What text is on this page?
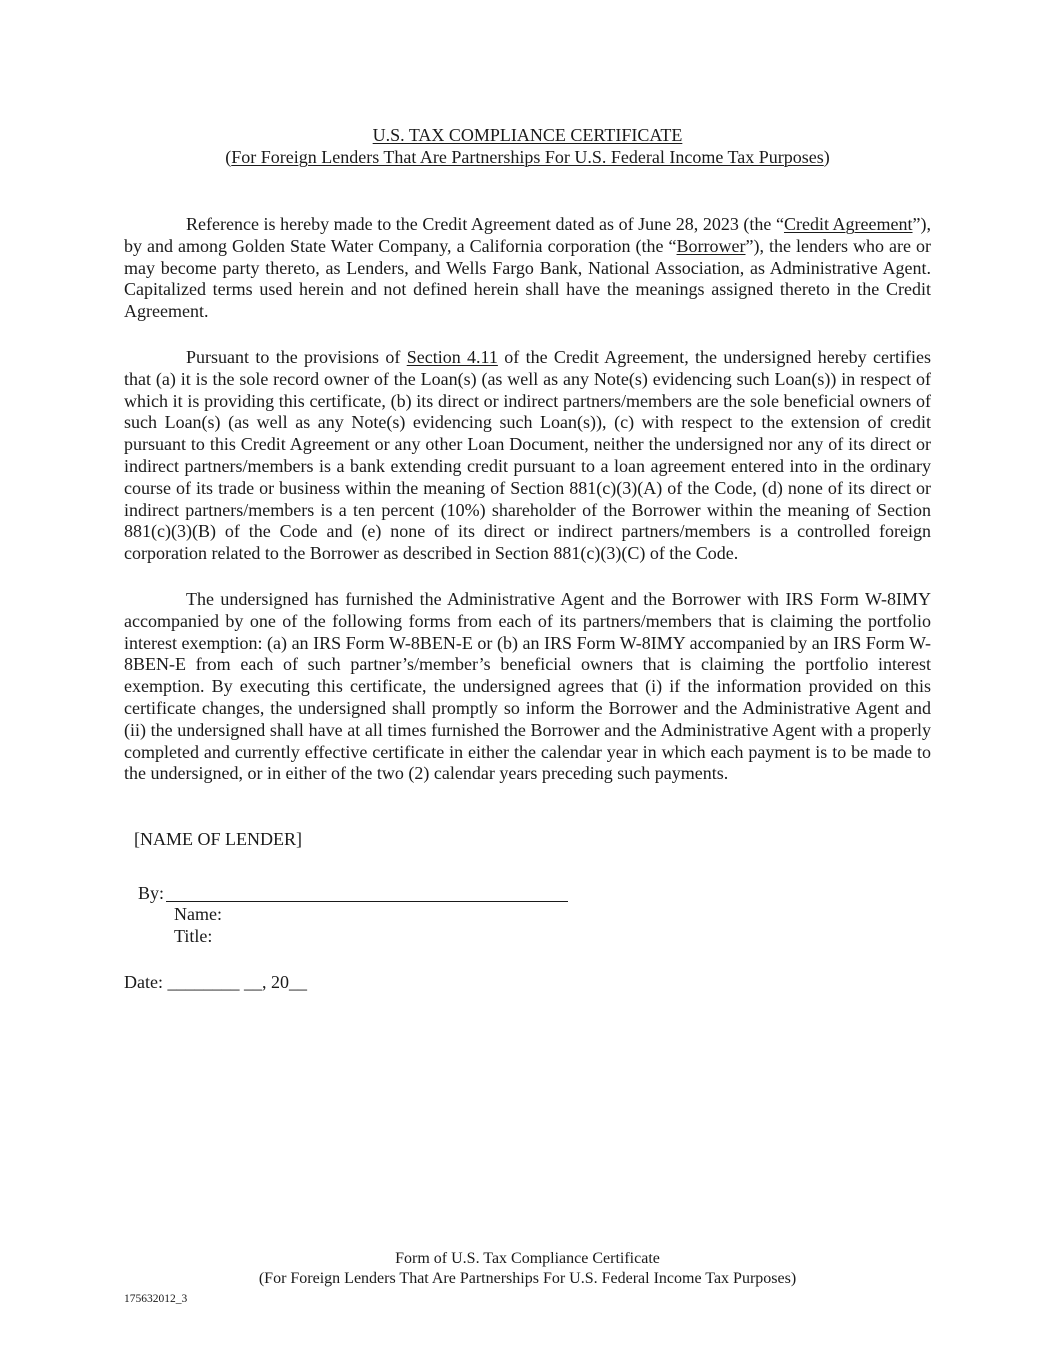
U.S. TAX COMPLIANCE CERTIFICATE
(For Foreign Lenders That Are Partnerships For U.S. Federal Income Tax Purposes)

Reference is hereby made to the Credit Agreement dated as of June 28, 2023 (the “Credit Agreement”), by and among Golden State Water Company, a California corporation (the “Borrower”), the lenders who are or may become party thereto, as Lenders, and Wells Fargo Bank, National Association, as Administrative Agent. Capitalized terms used herein and not defined herein shall have the meanings assigned thereto in the Credit Agreement.

Pursuant to the provisions of Section 4.11 of the Credit Agreement, the undersigned hereby certifies that (a) it is the sole record owner of the Loan(s) (as well as any Note(s) evidencing such Loan(s)) in respect of which it is providing this certificate, (b) its direct or indirect partners/members are the sole beneficial owners of such Loan(s) (as well as any Note(s) evidencing such Loan(s)), (c) with respect to the extension of credit pursuant to this Credit Agreement or any other Loan Document, neither the undersigned nor any of its direct or indirect partners/members is a bank extending credit pursuant to a loan agreement entered into in the ordinary course of its trade or business within the meaning of Section 881(c)(3)(A) of the Code, (d) none of its direct or indirect partners/members is a ten percent (10%) shareholder of the Borrower within the meaning of Section 881(c)(3)(B) of the Code and (e) none of its direct or indirect partners/members is a controlled foreign corporation related to the Borrower as described in Section 881(c)(3)(C) of the Code.

The undersigned has furnished the Administrative Agent and the Borrower with IRS Form W-8IMY accompanied by one of the following forms from each of its partners/members that is claiming the portfolio interest exemption: (a) an IRS Form W-8BEN-E or (b) an IRS Form W-8IMY accompanied by an IRS Form W-8BEN-E from each of such partner’s/member’s beneficial owners that is claiming the portfolio interest exemption. By executing this certificate, the undersigned agrees that (i) if the information provided on this certificate changes, the undersigned shall promptly so inform the Borrower and the Administrative Agent and (ii) the undersigned shall have at all times furnished the Borrower and the Administrative Agent with a properly completed and currently effective certificate in either the calendar year in which each payment is to be made to the undersigned, or in either of the two (2) calendar years preceding such payments.

[NAME OF LENDER]
By:
Name:
Title:
Date: ________ __, 20__
Form of U.S. Tax Compliance Certificate
(For Foreign Lenders That Are Partnerships For U.S. Federal Income Tax Purposes)
175632012_3
